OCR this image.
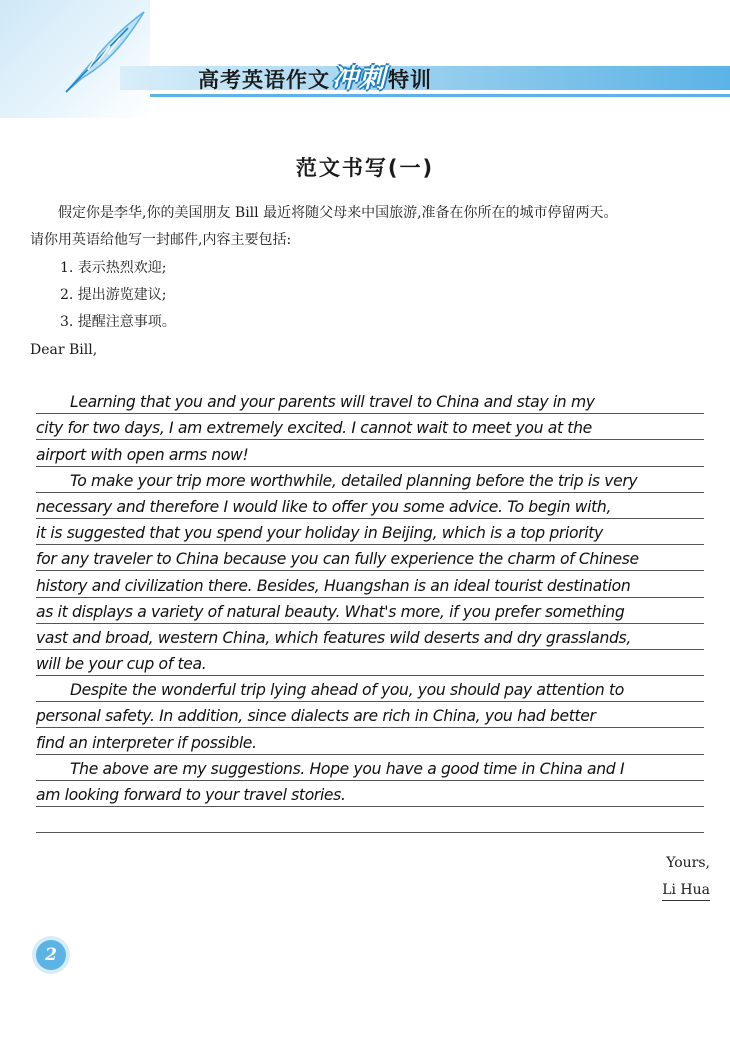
高考英语作文冲刺特训
范文书写(一)
假定你是李华,你的美国朋友 Bill 最近将随父母来中国旅游,准备在你所在的城市停留两天。
请你用英语给他写一封邮件,内容主要包括:
1. 表示热烈欢迎;
2. 提出游览建议;
3. 提醒注意事项。
Dear Bill,
Learning that you and your parents will travel to China and stay in my
city for two days, I am extremely excited. I cannot wait to meet you at the
airport with open arms now!
To make your trip more worthwhile, detailed planning before the trip is very
necessary and therefore I would like to offer you some advice. To begin with,
it is suggested that you spend your holiday in Beijing, which is a top priority
for any traveler to China because you can fully experience the charm of Chinese
history and civilization there. Besides, Huangshan is an ideal tourist destination
as it displays a variety of natural beauty. What's more, if you prefer something
vast and broad, western China, which features wild deserts and dry grasslands,
will be your cup of tea.
Despite the wonderful trip lying ahead of you, you should pay attention to
personal safety. In addition, since dialects are rich in China, you had better
find an interpreter if possible.
The above are my suggestions. Hope you have a good time in China and I
am looking forward to your travel stories.
Yours,
Li Hua
2
